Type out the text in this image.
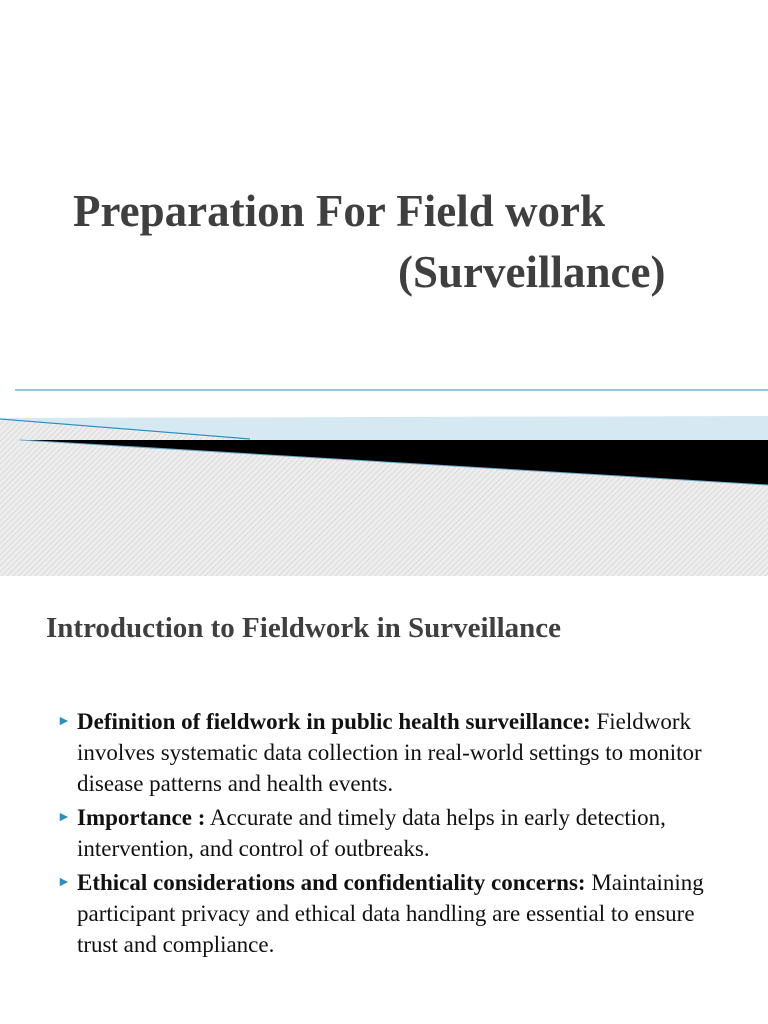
Preparation For Field work
(Surveillance)
Introduction to Fieldwork in Surveillance
► Definition of fieldwork in public health surveillance: Fieldwork involves systematic data collection in real-world settings to monitor disease patterns and health events.
► Importance : Accurate and timely data helps in early detection, intervention, and control of outbreaks.
► Ethical considerations and confidentiality concerns: Maintaining participant privacy and ethical data handling are essential to ensure trust and compliance.
